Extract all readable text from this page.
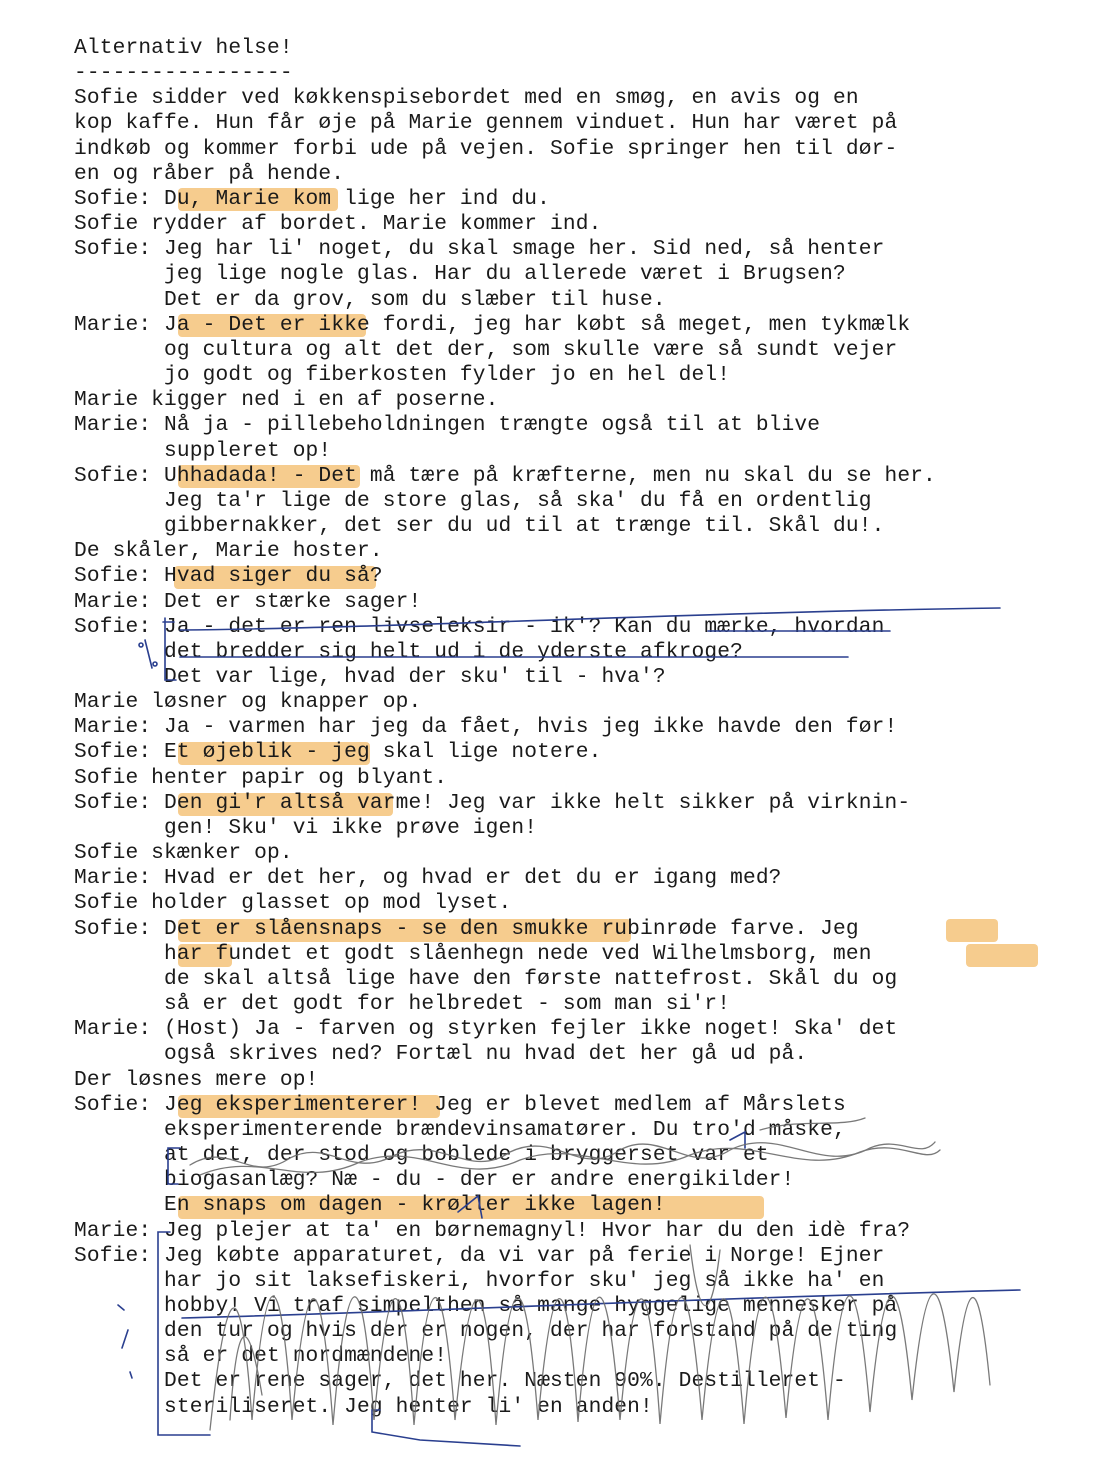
Alternativ helse!
-----------------
Sofie sidder ved køkkenspisebordet med en smøg, en avis og en
kop kaffe. Hun får øje på Marie gennem vinduet. Hun har været på
indkøb og kommer forbi ude på vejen. Sofie springer hen til dør-
en og råber på hende.
Sofie: Du, Marie kom lige her ind du.
Sofie rydder af bordet. Marie kommer ind.
Sofie: Jeg har li' noget, du skal smage her. Sid ned, så henter
jeg lige nogle glas. Har du allerede været i Brugsen?
Det er da grov, som du slæber til huse.
Marie: Ja - Det er ikke fordi, jeg har købt så meget, men tykmælk
og cultura og alt det der, som skulle være så sundt vejer
jo godt og fiberkosten fylder jo en hel del!
Marie kigger ned i en af poserne.
Marie: Nå ja - pillebeholdningen trængte også til at blive
suppleret op!
Sofie: Uhhadada! - Det må tære på kræfterne, men nu skal du se her.
Jeg ta'r lige de store glas, så ska' du få en ordentlig
gibbernakker, det ser du ud til at trænge til. Skål du!.
De skåler, Marie hoster.
Sofie: Hvad siger du så?
Marie: Det er stærke sager!
Sofie: Ja - det er ren livseleksir - ik'? Kan du mærke, hvordan
det bredder sig helt ud i de yderste afkroge?
Det var lige, hvad der sku' til - hva'?
Marie løsner og knapper op.
Marie: Ja - varmen har jeg da fået, hvis jeg ikke havde den før!
Sofie: Et øjeblik - jeg skal lige notere.
Sofie henter papir og blyant.
Sofie: Den gi'r altså varme! Jeg var ikke helt sikker på virknin-
gen! Sku' vi ikke prøve igen!
Sofie skænker op.
Marie: Hvad er det her, og hvad er det du er igang med?
Sofie holder glasset op mod lyset.
Sofie: Det er slåensnaps - se den smukke rubinrøde farve. Jeg
har fundet et godt slåenhegn nede ved Wilhelmsborg, men
de skal altså lige have den første nattefrost. Skål du og
så er det godt for helbredet - som man si'r!
Marie: (Host) Ja - farven og styrken fejler ikke noget! Ska' det
også skrives ned? Fortæl nu hvad det her gå ud på.
Der løsnes mere op!
Sofie: Jeg eksperimenterer! Jeg er blevet medlem af Mårslets
eksperimenterende brændevinsamatører. Du tro'd måske,
at det, der stod og boblede i bryggerset var et
biogasanlæg? Næ - du - der er andre energikilder!
En snaps om dagen - krøller ikke lagen!
Marie: Jeg plejer at ta' en børnemagnyl! Hvor har du den idè fra?
Sofie: Jeg købte apparaturet, da vi var på ferie i Norge! Ejner
har jo sit laksefiskeri, hvorfor sku' jeg så ikke ha' en
hobby! Vi traf simpelthen så mange hyggelige mennesker på
den tur og hvis der er nogen, der har forstand på de ting
så er det nordmændene!
Det er rene sager, det her. Næsten 90%. Destilleret -
steriliseret. Jeg henter li' en anden!
